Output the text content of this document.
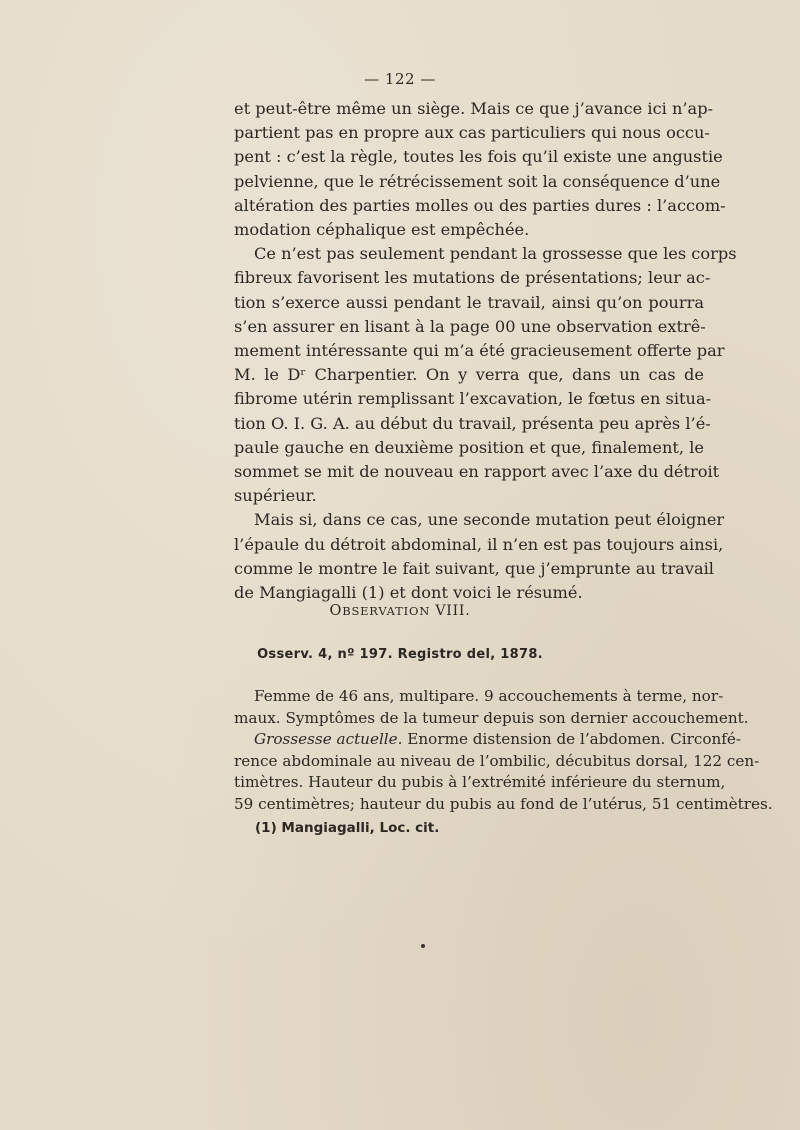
— 122 —
et peut-être même un siège. Mais ce que j’avance ici n’ap-
partient pas en propre aux cas particuliers qui nous occu-
pent : c’est la règle, toutes les fois qu’il existe une angustie
pelvienne, que le rétrécissement soit la conséquence d’une
altération des parties molles ou des parties dures : l’accom-
modation céphalique est empêchée.
Ce n’est pas seulement pendant la grossesse que les corps
fibreux favorisent les mutations de présentations; leur ac-
tion s’exerce aussi pendant le travail, ainsi qu’on pourra
s’en assurer en lisant à la page 00 une observation extrê-
mement intéressante qui m’a été gracieusement offerte par
M. le Dʳ Charpentier. On y verra que, dans un cas de
fibrome utérin remplissant l’excavation, le fœtus en situa-
tion O. I. G. A. au début du travail, présenta peu après l’é-
paule gauche en deuxième position et que, finalement, le
sommet se mit de nouveau en rapport avec l’axe du détroit
supérieur.
Mais si, dans ce cas, une seconde mutation peut éloigner
l’épaule du détroit abdominal, il n’en est pas toujours ainsi,
comme le montre le fait suivant, que j’emprunte au travail
de Mangiagalli (1) et dont voici le résumé.
OBSERVATION VIII.
Osserv. 4, nº 197. Registro del, 1878.
Femme de 46 ans, multipare. 9 accouchements à terme, nor-
maux. Symptômes de la tumeur depuis son dernier accouchement.
Grossesse actuelle. Enorme distension de l’abdomen. Circonfé-
rence abdominale au niveau de l’ombilic, décubitus dorsal, 122 cen-
timètres. Hauteur du pubis à l’extrémité inférieure du sternum,
59 centimètres; hauteur du pubis au fond de l’utérus, 51 centimètres.
(1) Mangiagalli, Loc. cit.
